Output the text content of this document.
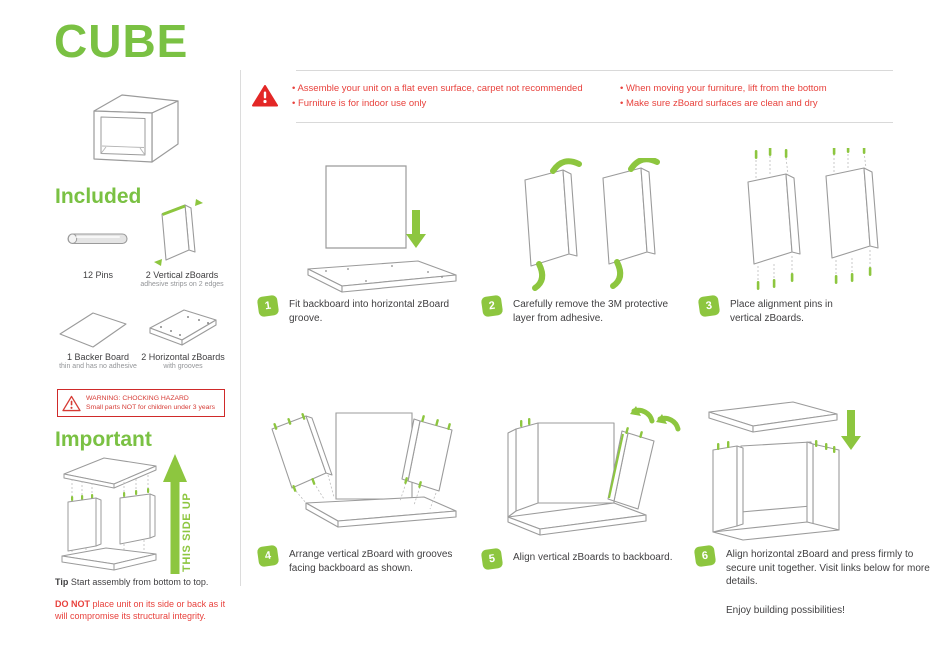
CUBE
Included
12 Pins	2 Vertical zBoards
adhesive strips on 2 edges
1 Backer Board
thin and has no adhesive
2 Horizontal zBoards
with grooves
WARNING: CHOCKING HAZARD
Small parts NOT for children under 3 years
Important
THIS SIDE UP
Tip Start assembly from bottom to top.
DO NOT place unit on its side or back as it will compromise its structural integrity.
• Assemble your unit on a flat even surface, carpet not recommended
• Furniture is for indoor use only
• When moving your furniture, lift from the bottom
• Make sure zBoard surfaces are clean and dry
1	Fit backboard into horizontal zBoard groove.
2	Carefully remove the 3M protective layer from adhesive.
3	Place alignment pins in vertical zBoards.
4	Arrange vertical zBoard with grooves facing backboard as shown.
5	Align vertical zBoards to backboard.	6	Align horizontal zBoard and press firmly to secure unit together. Visit links below for more details.
Enjoy building possibilities!
